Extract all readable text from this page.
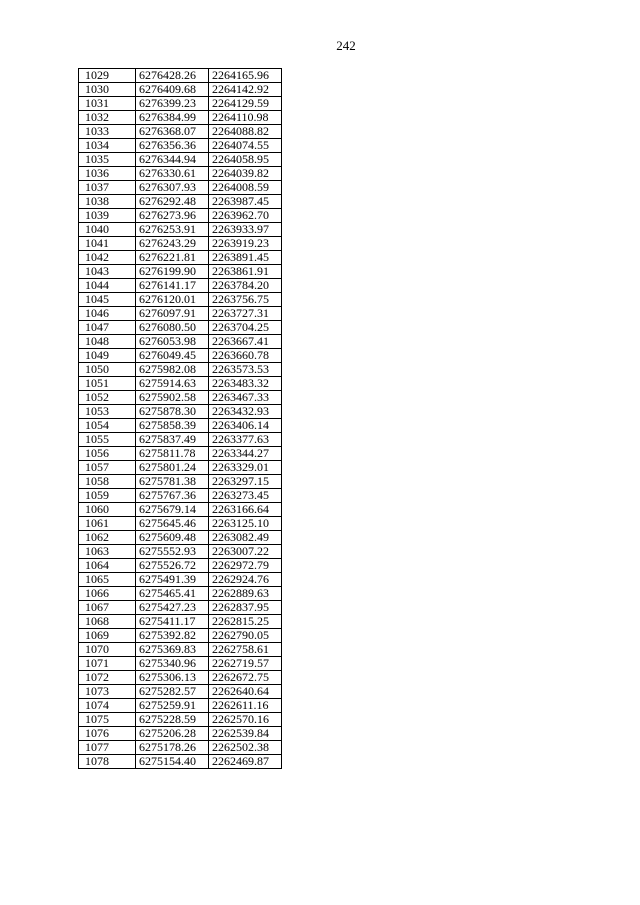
242
1029	6276428.26	2264165.96
1030	6276409.68	2264142.92
1031	6276399.23	2264129.59
1032	6276384.99	2264110.98
1033	6276368.07	2264088.82
1034	6276356.36	2264074.55
1035	6276344.94	2264058.95
1036	6276330.61	2264039.82
1037	6276307.93	2264008.59
1038	6276292.48	2263987.45
1039	6276273.96	2263962.70
1040	6276253.91	2263933.97
1041	6276243.29	2263919.23
1042	6276221.81	2263891.45
1043	6276199.90	2263861.91
1044	6276141.17	2263784.20
1045	6276120.01	2263756.75
1046	6276097.91	2263727.31
1047	6276080.50	2263704.25
1048	6276053.98	2263667.41
1049	6276049.45	2263660.78
1050	6275982.08	2263573.53
1051	6275914.63	2263483.32
1052	6275902.58	2263467.33
1053	6275878.30	2263432.93
1054	6275858.39	2263406.14
1055	6275837.49	2263377.63
1056	6275811.78	2263344.27
1057	6275801.24	2263329.01
1058	6275781.38	2263297.15
1059	6275767.36	2263273.45
1060	6275679.14	2263166.64
1061	6275645.46	2263125.10
1062	6275609.48	2263082.49
1063	6275552.93	2263007.22
1064	6275526.72	2262972.79
1065	6275491.39	2262924.76
1066	6275465.41	2262889.63
1067	6275427.23	2262837.95
1068	6275411.17	2262815.25
1069	6275392.82	2262790.05
1070	6275369.83	2262758.61
1071	6275340.96	2262719.57
1072	6275306.13	2262672.75
1073	6275282.57	2262640.64
1074	6275259.91	2262611.16
1075	6275228.59	2262570.16
1076	6275206.28	2262539.84
1077	6275178.26	2262502.38
1078	6275154.40	2262469.87
